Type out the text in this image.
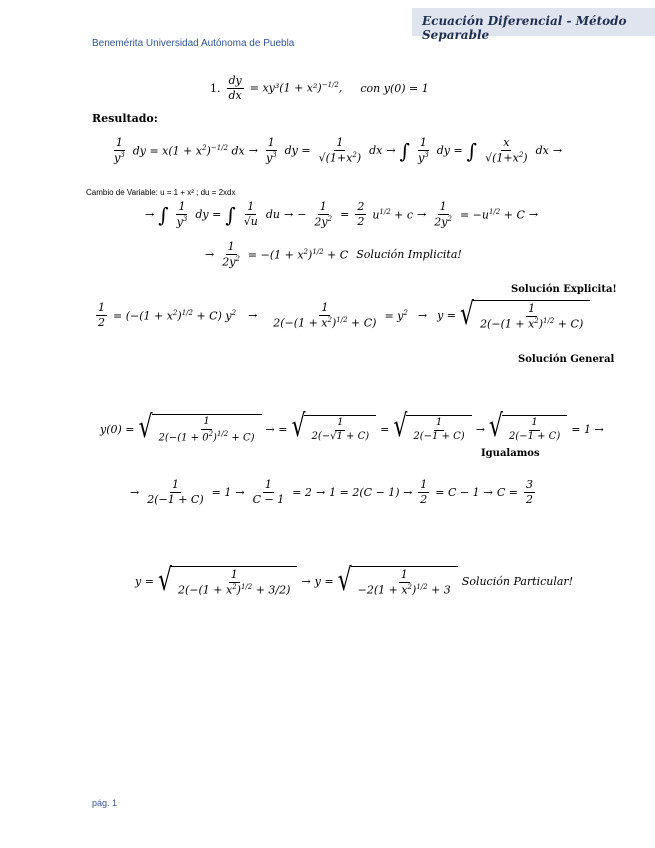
Ecuación Diferencial - Método Separable
Benemérita Universidad Autónoma de Puebla
1. $\frac{dy}{dx} = xy^3(1 + x^2)^{-1/2}$, con y(0) = 1
Resultado:
$\frac{1}{y^3}$ dy = $x(1 + x^2)^{-1/2}$ dx → $\frac{1}{y^3}$ dy = $\frac{1}{√(1+x^2)}$ dx → ∫ $\frac{1}{y^3}$ dy = ∫ $\frac{x}{√(1+x^2)}$ dx →
Cambio de Variable: u = 1 + x² ; du = 2xdx
→ ∫ $\frac{1}{y^3}$ dy = ∫ $\frac{1}{√u}$ du → − $\frac{1}{2y^2} = \frac{2}{2} u^{1/2} + c \to \frac{1}{2y^2} = -u^{1/2} + C$ →
→ $\frac{1}{2y^2} = -(1 + x^2)^{1/2} + C$ Solución Implicita!
Solución Explicita!
$\frac{1}{2} = (-(1 + x^2)^{1/2} + C) y^2 \to \frac{1}{2(-(1 + x^2)^{1/2} + C)} = y^2 \to y$ = √ $\frac{1}{2(-(1 + x^2)^{1/2} + C)}$
Solución General
y(0) = √ $\frac{1}{2(-(1 + 0^2)^{1/2} + C)}$ → = √ $\frac{1}{2(-√1 + C)}$ = √ $\frac{1}{2(-1 + C)}$ → √ $\frac{1}{2(-1 + C)} = 1$ →
Igualamos
→ $\frac{1}{2(-1 + C)} = 1 \to \frac{1}{C - 1} = 2 \to 1 = 2(C - 1) \to \frac{1}{2} = C - 1 \to C = \frac{3}{2}$
y = √ $\frac{1}{2(-(1 + x^2)^{1/2} + 3/2)} \to y$ = √ $\frac{1}{-2(1 + x^2)^{1/2} + 3}$ Solución Particular!
pág. 1
